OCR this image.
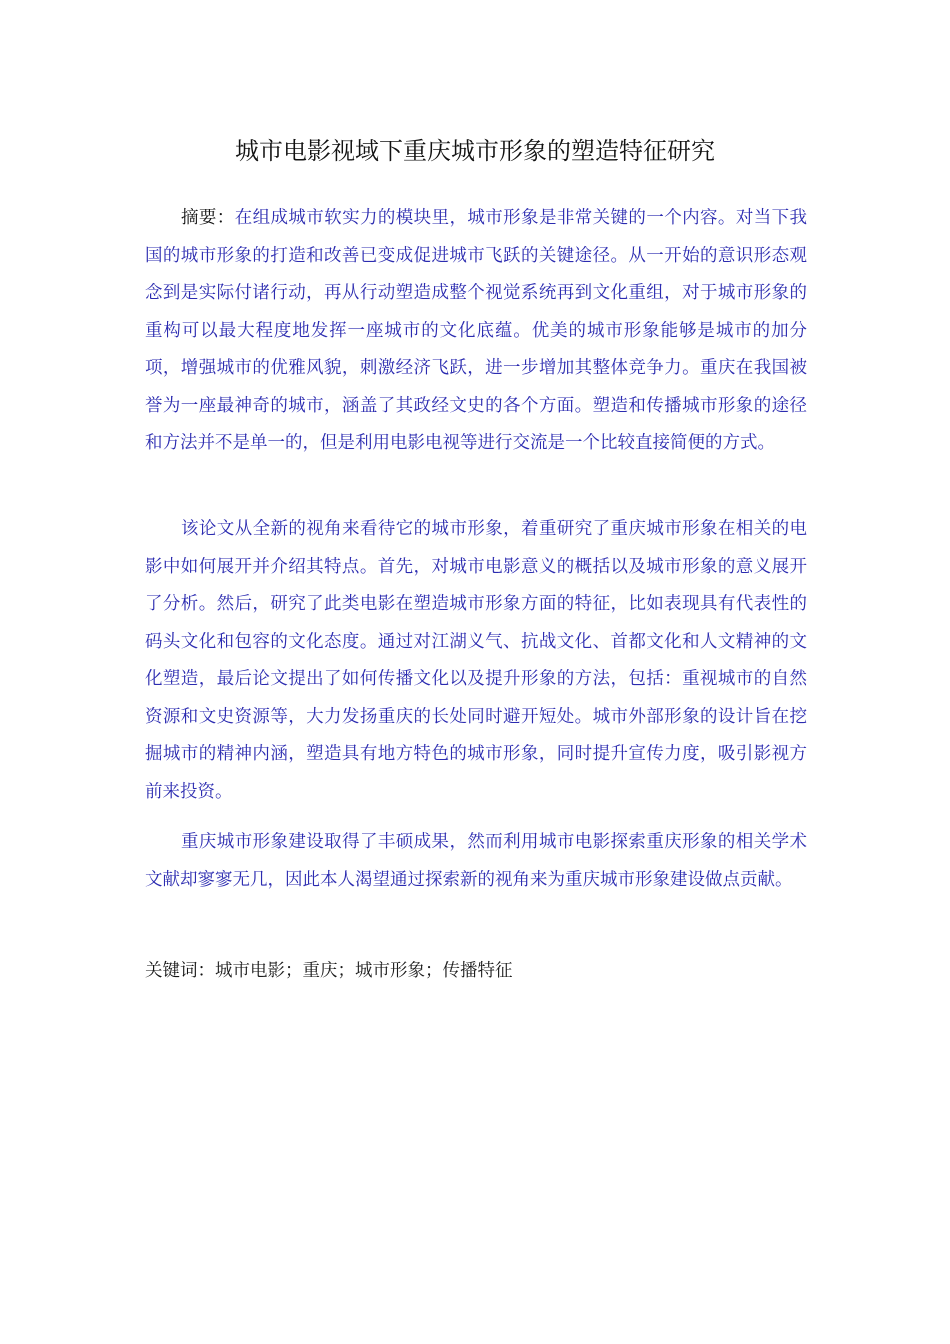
城市电影视域下重庆城市形象的塑造特征研究

摘要：在组成城市软实力的模块里，城市形象是非常关键的一个内容。对当下我国的城市形象的打造和改善已变成促进城市飞跃的关键途径。从一开始的意识形态观念到是实际付诸行动，再从行动塑造成整个视觉系统再到文化重组，对于城市形象的重构可以最大程度地发挥一座城市的文化底蕴。优美的城市形象能够是城市的加分项，增强城市的优雅风貌，刺激经济飞跃，进一步增加其整体竞争力。重庆在我国被誉为一座最神奇的城市，涵盖了其政经文史的各个方面。塑造和传播城市形象的途径和方法并不是单一的，但是利用电影电视等进行交流是一个比较直接简便的方式。

该论文从全新的视角来看待它的城市形象，着重研究了重庆城市形象在相关的电影中如何展开并介绍其特点。首先，对城市电影意义的概括以及城市形象的意义展开了分析。然后，研究了此类电影在塑造城市形象方面的特征，比如表现具有代表性的码头文化和包容的文化态度。通过对江湖义气、抗战文化、首都文化和人文精神的文化塑造，最后论文提出了如何传播文化以及提升形象的方法，包括：重视城市的自然资源和文史资源等，大力发扬重庆的长处同时避开短处。城市外部形象的设计旨在挖掘城市的精神内涵，塑造具有地方特色的城市形象，同时提升宣传力度，吸引影视方前来投资。

重庆城市形象建设取得了丰硕成果，然而利用城市电影探索重庆形象的相关学术文献却寥寥无几，因此本人渴望通过探索新的视角来为重庆城市形象建设做点贡献。

关键词：城市电影；重庆；城市形象；传播特征
